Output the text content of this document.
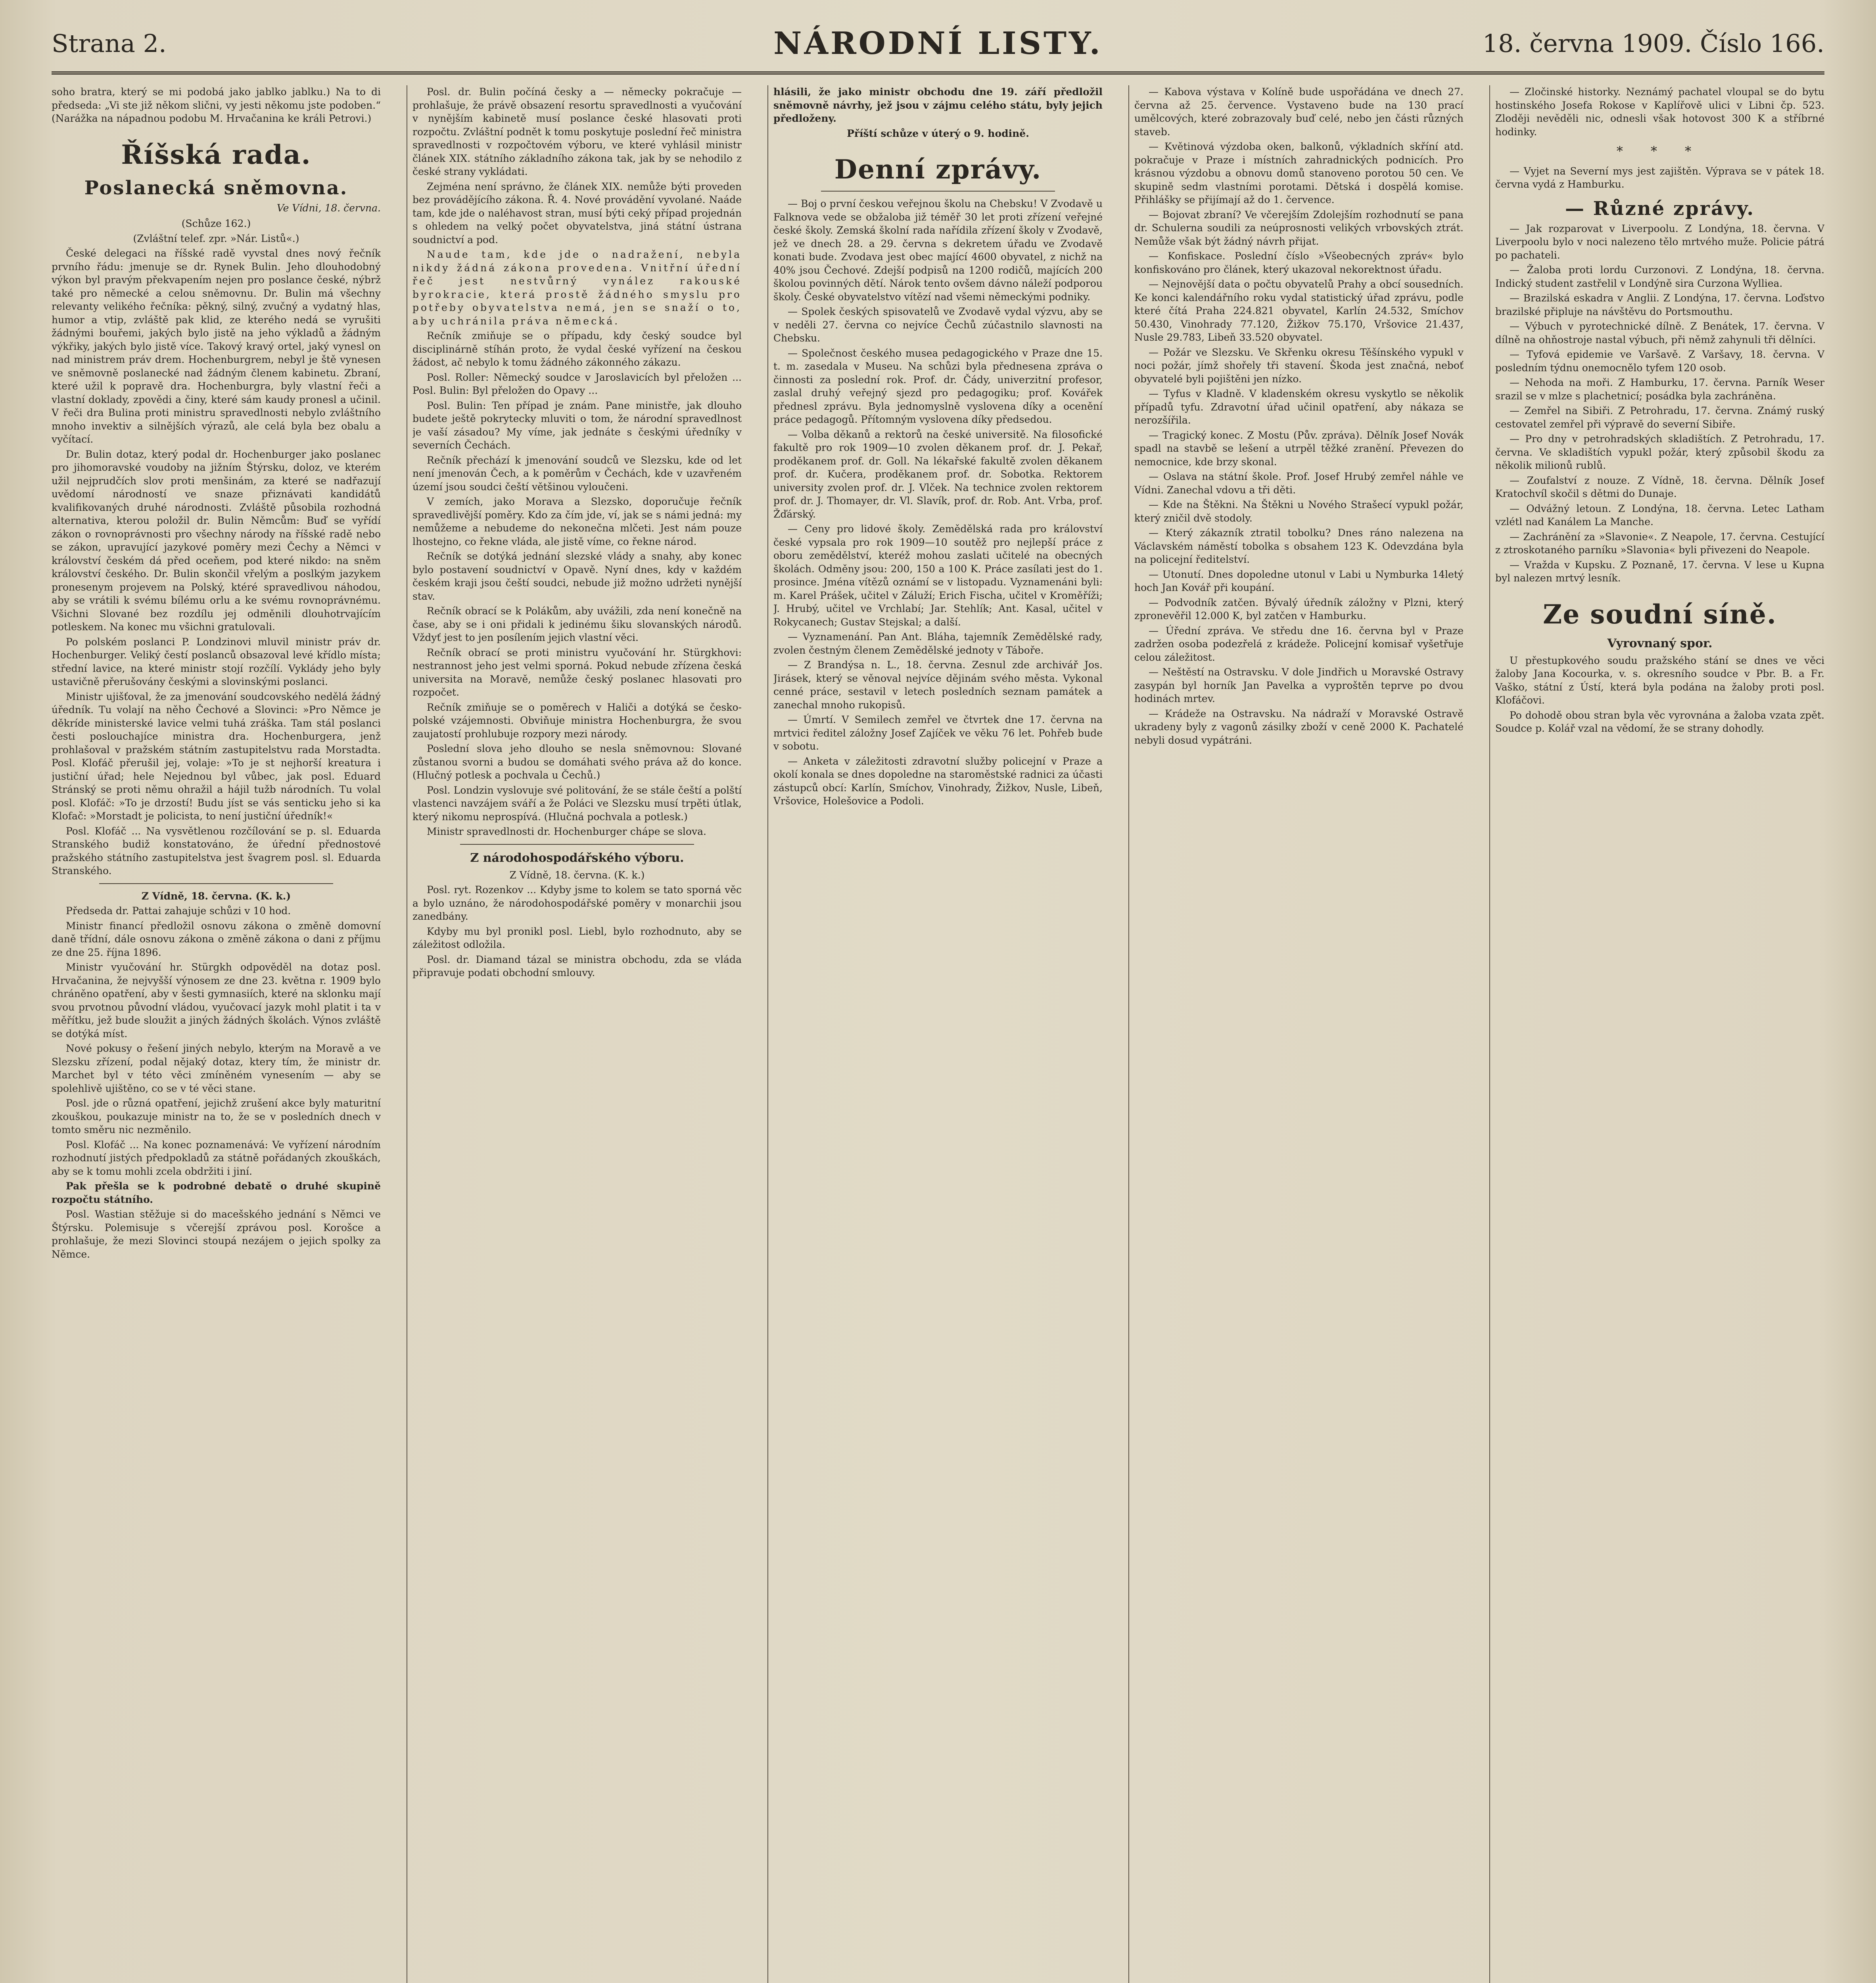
Strana 2.	NÁRODNÍ LISTY.	18. června 1909. Číslo 166.

soho bratra, který se mi podobá jako jablko jablku.) Na to di předseda: „Vi ste již někom slični, vy jesti někomu jste podoben.“ (Narážka na nápadnou podobu M. Hrvačanina ke králi Petrovi.)

Říšská rada.
Poslanecká sněmovna.
Ve Vídni, 18. června.

(Schůze 162.)

(Zvláštní telef. zpr. »Nár. Listů«.)

České delegaci na říšské radě vyvstal dnes nový řečník prvního řádu: jmenuje se dr. Rynek Bulin. Jeho dlouhodobný výkon byl pravým překvapením nejen pro poslance české, nýbrž také pro německé a celou sněmovnu. Dr. Bulin má všechny relevanty velikého řečníka: pěkný, silný, zvučný a vydatný hlas, humor a vtip, zvláště pak klid, ze kterého nedá se vyrušiti žádnými bouřemi, jakých bylo jistě na jeho výkladů a žádným výkřiky, jakých bylo jistě více. Takový kravý ortel, jaký vynesl on nad ministrem práv drem. Hochenburgrem, nebyl je ště vynesen ve sněmovně poslanecké nad žádným členem kabinetu. Zbraní, které užil k popravě dra. Hochenburgra, byly vlastní řeči a vlastní doklady, zpovědi a činy, které sám kaudy pronesl a učinil. V řeči dra Bulina proti ministru spravedlnosti nebylo zvláštního mnoho invektiv a silnějších výrazů, ale celá byla bez obalu a vyčítací.

Dr. Bulin dotaz, který podal dr. Hochenburger jako poslanec pro jihomoravské voudoby na jižním Štýrsku, doloz, ve kterém užil nejprudčích slov proti menšinám, za které se nadřazují uvědomí národností ve snaze přiznávati kandidátů kvalifikovaných druhé národnosti. Zvláště působila rozhodná alternativa, kterou položil dr. Bulin Němcům: Buď se vyřídí zákon o rovnoprávnosti pro všechny národy na říšské radě nebo se zákon, upravující jazykové poměry mezi Čechy a Němci v království českém dá před oceňem, pod které nikdo: na sněm království českého. Dr. Bulin skončil vřelým a poslkým jazykem pronesenym projevem na Polský, ktéré spravedlivou náhodou, aby se vrátili k svému bílému orlu a ke svému rovnoprávnému. Všichni Slované bez rozdílu jej odměnili dlouhotrvajícím potleskem. Na konec mu všichni gratulovali.

Po polském poslanci P. Londzinovi mluvil ministr práv dr. Hochenburger. Veliký čestí poslanců obsazoval levé křídlo místa; střední lavice, na které ministr stojí rozčílí. Vyklády jeho byly ustavičně přerušovány českými a slovinskými poslanci.

Ministr ujišťoval, že za jmenování soudcovského nedělá žádný úředník. Tu volají na něho Čechové a Slovinci: »Pro Němce je děkríde ministerské lavice velmi tuhá zráška. Tam stál poslanci česti poslouchajíce ministra dra. Hochenburgera, jenž prohlašoval v pražském státním zastupitelstvu rada Morstadta. Posl. Klofáč přerušil jej, volaje: »To je st nejhorší kreatura i justiční úřad; hele Nejednou byl vůbec, jak posl. Eduard Stránský se proti němu ohražil a hájil tužb národních. Tu volal posl. Klofáč: »To je drzostí! Budu jíst se vás senticku jeho si ka Klofač: »Morstadt je policista, to není justiční úředník!«

Posl. Klofáč ... Na vysvětlenou rozčílování se p. sl. Eduarda Stranského budiž konstatováno, že úřední přednostové pražského státního zastupitelstva jest švagrem posl. sl. Eduarda Stranského.

Z Vídně, 18. června. (K. k.)

Předseda dr. Pattai zahajuje schůzi v 10 hod.

Ministr financí předložil osnovu zákona o změně domovní daně třídní, dále osnovu zákona o změně zákona o dani z příjmu ze dne 25. října 1896.

Ministr vyučování hr. Stürgkh odpověděl na dotaz posl. Hrvačanina, že nejvyšší výnosem ze dne 23. května r. 1909 bylo chráněno opatření, aby v šesti gymnasiích, které na sklonku mají svou prvotnou původní vládou, vyučovací jazyk mohl platit i ta v měřítku, jež bude sloužit a jiných žádných školách. Výnos zvláště se dotýká míst.

Nové pokusy o řešení jiných nebylo, kterým na Moravě a ve Slezsku zřízení, podal nějaký dotaz, ktery tím, že ministr dr. Marchet byl v této věci zmíněném vynesením — aby se spolehlivě ujištěno, co se v té věci stane.

Posl. jde o různá opatření, jejichž zrušení akce byly maturitní zkouškou, poukazuje ministr na to, že se v posledních dnech v tomto směru nic nezměnilo.

Posl. Klofáč ... Na konec poznamenává: Ve vyřízení národním rozhodnutí jistých předpokladů za státně pořádaných zkouškách, aby se k tomu mohli zcela obdržiti i jiní.

Pak přešla se k podrobné debatě o druhé skupině rozpočtu státního.

Posl. Wastian stěžuje si do macešského jednání s Němci ve Štýrsku. Polemisuje s včerejší zprávou posl. Korošce a prohlašuje, že mezi Slovinci stoupá nezájem o jejich spolky za Němce.

Posl. dr. Bulin počíná česky a — německy pokračuje — prohlašuje, že právě obsazení resortu spravedlnosti a vyučování v nynějším kabinetě musí poslance české hlasovati proti rozpočtu. Zvláštní podnět k tomu poskytuje poslední řeč ministra spravedlnosti v rozpočtovém výboru, ve které vyhlásil ministr článek XIX. státního základního zákona tak, jak by se nehodilo z české strany vykládati.

Zejména není správno, že článek XIX. nemůže býti proveden bez provádějícího zákona. Ř. 4. Nové provádění vyvolané. Naáde tam, kde jde o naléhavost stran, musí býti ceký případ projednán s ohledem na velký počet obyvatelstva, jiná státní ústrana soudnictví a pod.

Naude tam, kde jde o nadražení, nebyla nikdy žádná zákona provedena. Vnitřní úřední řeč jest nestvůrný vynález rakouské byrokracie, která prostě žádného smyslu pro potřeby obyvatelstva nemá, jen se snaží o to, aby uchránila práva německá.

Rečník zmiňuje se o případu, kdy český soudce byl disciplinárně stíhán proto, že vydal české vyřízení na českou žádost, ač nebylo k tomu žádného zákonného zákazu.

Posl. Roller: Německý soudce v Jaroslavicích byl přeložen ... Posl. Bulin: Byl přeložen do Opavy ...

Posl. Bulin: Ten případ je znám. Pane ministře, jak dlouho budete ještě pokrytecky mluviti o tom, že národní spravedlnost je vaší zásadou? My víme, jak jednáte s českými úředníky v severních Čechách.

Rečník přechází k jmenování soudců ve Slezsku, kde od let není jmenován Čech, a k poměrům v Čechách, kde v uzavřeném území jsou soudci čeští většinou vyloučeni.

V zemích, jako Morava a Slezsko, doporučuje řečník spravedlivější poměry. Kdo za čím jde, ví, jak se s námi jedná: my nemůžeme a nebudeme do nekonečna mlčeti. Jest nám pouze lhostejno, co řekne vláda, ale jistě víme, co řekne národ.

Rečník se dotýká jednání slezské vlády a snahy, aby konec bylo postavení soudnictví v Opavě. Nyní dnes, kdy v každém českém kraji jsou čeští soudci, nebude již možno udržeti nynější stav.

Rečník obrací se k Polákům, aby uvážili, zda není konečně na čase, aby se i oni přidali k jedinému šiku slovanských národů. Vždyť jest to jen posílením jejich vlastní věci.

Rečník obrací se proti ministru vyučování hr. Stürgkhovi: nestrannost jeho jest velmi sporná. Pokud nebude zřízena česká universita na Moravě, nemůže český poslanec hlasovati pro rozpočet.

Rečník zmiňuje se o poměrech v Haliči a dotýká se česko-polské vzájemnosti. Obviňuje ministra Hochenburgra, že svou zaujatostí prohlubuje rozpory mezi národy.

Poslední slova jeho dlouho se nesla sněmovnou: Slované zůstanou svorni a budou se domáhati svého práva až do konce. (Hlučný potlesk a pochvala u Čechů.)

Posl. Londzin vyslovuje své politování, že se stále čeští a polští vlastenci navzájem sváří a že Poláci ve Slezsku musí trpěti útlak, který nikomu neprospívá. (Hlučná pochvala a potlesk.)

Ministr spravedlnosti dr. Hochenburger chápe se slova.

Z národohospodářského výboru.

Z Vídně, 18. června. (K. k.)

Posl. ryt. Rozenkov ... Kdyby jsme to kolem se tato sporná věc a bylo uznáno, že národohospodářské poměry v monarchii jsou zanedbány.

Kdyby mu byl pronikl posl. Liebl, bylo rozhodnuto, aby se záležitost odložila.

Posl. dr. Diamand tázal se ministra obchodu, zda se vláda připravuje podati obchodní smlouvy.

hlásili, že jako ministr obchodu dne 19. září předložil sněmovně návrhy, jež jsou v zájmu celého státu, byly jejich předloženy.

Příští schůze v úterý o 9. hodině.

Denní zprávy.

— Boj o první českou veřejnou školu na Chebsku! V Zvodavě u Falknova vede se obžaloba již téměř 30 let proti zřízení veřejné české školy. Zemská školní rada nařídila zřízení školy v Zvodavě, jež ve dnech 28. a 29. června s dekretem úřadu ve Zvodavě konati bude. Zvodava jest obec mající 4600 obyvatel, z nichž na 40% jsou Čechové. Zdejší podpisů na 1200 rodičů, majících 200 školou povinných dětí. Nárok tento ovšem dávno náleží podporou školy. České obyvatelstvo vítězí nad všemi německými podniky.

— Spolek českých spisovatelů ve Zvodavě vydal výzvu, aby se v neděli 27. června co nejvíce Čechů zúčastnilo slavnosti na Chebsku.

— Společnost českého musea pedagogického v Praze dne 15. t. m. zasedala v Museu. Na schůzi byla přednesena zpráva o činnosti za poslední rok. Prof. dr. Čády, univerzitní profesor, zaslal druhý veřejný sjezd pro pedagogiku; prof. Kovářek přednesl zprávu. Byla jednomyslně vyslovena díky a ocenění práce pedagogů. Přítomným vyslovena díky předsedou.

— Volba děkanů a rektorů na české universitě. Na filosofické fakultě pro rok 1909—10 zvolen děkanem prof. dr. J. Pekař, proděkanem prof. dr. Goll. Na lékařské fakultě zvolen děkanem prof. dr. Kučera, proděkanem prof. dr. Sobotka. Rektorem university zvolen prof. dr. J. Vlček. Na technice zvolen rektorem prof. dr. J. Thomayer, dr. Vl. Slavík, prof. dr. Rob. Ant. Vrba, prof. Žďárský.

— Ceny pro lidové školy. Zemědělská rada pro království české vypsala pro rok 1909—10 soutěž pro nejlepší práce z oboru zemědělství, kteréž mohou zaslati učitelé na obecných školách. Odměny jsou: 200, 150 a 100 K. Práce zasílati jest do 1. prosince. Jména vítězů oznámí se v listopadu. Vyznamenáni byli: m. Karel Prášek, učitel v Záluží; Erich Fischa, učitel v Kroměříži; J. Hrubý, učitel ve Vrchlabí; Jar. Stehlík; Ant. Kasal, učitel v Rokycanech; Gustav Stejskal; a další.

— Vyznamenání. Pan Ant. Bláha, tajemník Zemědělské rady, zvolen čestným členem Zemědělské jednoty v Táboře.

— Z Brandýsa n. L., 18. června. Zesnul zde archivář Jos. Jirásek, který se věnoval nejvíce dějinám svého města. Vykonal cenné práce, sestavil v letech posledních seznam památek a zanechal mnoho rukopisů.

— Úmrtí. V Semilech zemřel ve čtvrtek dne 17. června na mrtvici ředitel záložny Josef Zajíček ve věku 76 let. Pohřeb bude v sobotu.

— Anketa v záležitosti zdravotní služby policejní v Praze a okolí konala se dnes dopoledne na staroměstské radnici za účasti zástupců obcí: Karlín, Smíchov, Vinohrady, Žižkov, Nusle, Libeň, Vršovice, Holešovice a Podoli.

— Kabova výstava v Kolíně bude uspořádána ve dnech 27. června až 25. července. Vystaveno bude na 130 prací umělcových, které zobrazovaly buď celé, nebo jen části různých staveb.

— Květinová výzdoba oken, balkonů, výkladních skříní atd. pokračuje v Praze i místních zahradnických podnicích. Pro krásnou výzdobu a obnovu domů stanoveno porotou 50 cen. Ve skupině sedm vlastními porotami. Dětská i dospělá komise. Přihlášky se přijímají až do 1. července.

— Bojovat zbraní? Ve včerejším Zdolejším rozhodnutí se pana dr. Schulerna soudili za neúprosnosti velikých vrbovských ztrát. Nemůže však být žádný návrh přijat.

— Konfiskace. Poslední číslo »Všeobecných zpráv« bylo konfiskováno pro článek, který ukazoval nekorektnost úřadu.

— Nejnovější data o počtu obyvatelů Prahy a obcí sousedních. Ke konci kalendářního roku vydal statistický úřad zprávu, podle které čítá Praha 224.821 obyvatel, Karlín 24.532, Smíchov 50.430, Vinohrady 77.120, Žižkov 75.170, Vršovice 21.437, Nusle 29.783, Libeň 33.520 obyvatel.

— Požár ve Slezsku. Ve Skřenku okresu Těšínského vypukl v noci požár, jímž shořely tři stavení. Škoda jest značná, neboť obyvatelé byli pojištěni jen nízko.

— Tyfus v Kladně. V kladenském okresu vyskytlo se několik případů tyfu. Zdravotní úřad učinil opatření, aby nákaza se nerozšířila.

— Tragický konec. Z Mostu (Pův. zpráva). Dělník Josef Novák spadl na stavbě se lešení a utrpěl těžké zranění. Převezen do nemocnice, kde brzy skonal.

— Oslava na státní škole. Prof. Josef Hrubý zemřel náhle ve Vídni. Zanechal vdovu a tři děti.

— Kde na Štěkni. Na Štěkni u Nového Strašecí vypukl požár, který zničil dvě stodoly.

— Který zákazník ztratil tobolku? Dnes ráno nalezena na Václavském náměstí tobolka s obsahem 123 K. Odevzdána byla na policejní ředitelství.

— Utonutí. Dnes dopoledne utonul v Labi u Nymburka 14letý hoch Jan Kovář při koupání.

— Podvodník zatčen. Bývalý úředník záložny v Plzni, který zpronevěřil 12.000 K, byl zatčen v Hamburku.

— Úřední zpráva. Ve středu dne 16. června byl v Praze zadržen osoba podezřelá z krádeže. Policejní komisař vyšetřuje celou záležitost.

— Neštěstí na Ostravsku. V dole Jindřich u Moravské Ostravy zasypán byl horník Jan Pavelka a vyproštěn teprve po dvou hodinách mrtev.

— Krádeže na Ostravsku. Na nádraží v Moravské Ostravě ukradeny byly z vagonů zásilky zboží v ceně 2000 K. Pachatelé nebyli dosud vypátráni.

— Zločinské historky. Neznámý pachatel vloupal se do bytu hostinského Josefa Rokose v Kaplířově ulici v Libni čp. 523. Zloději nevěděli nic, odnesli však hotovost 300 K a stříbrné hodinky.

* * *

— Vyjet na Severní mys jest zajištěn. Výprava se v pátek 18. června vydá z Hamburku.

— Různé zprávy.

— Jak rozparovat v Liverpoolu. Z Londýna, 18. června. V Liverpoolu bylo v noci nalezeno tělo mrtvého muže. Policie pátrá po pachateli.

— Žaloba proti lordu Curzonovi. Z Londýna, 18. června. Indický student zastřelil v Londýně sira Curzona Wylliea.

— Brazilská eskadra v Anglii. Z Londýna, 17. června. Loďstvo brazilské připluje na návštěvu do Portsmouthu.

— Výbuch v pyrotechnické dílně. Z Benátek, 17. června. V dílně na ohňostroje nastal výbuch, při němž zahynuli tři dělníci.

— Tyfová epidemie ve Varšavě. Z Varšavy, 18. června. V posledním týdnu onemocnělo tyfem 120 osob.

— Nehoda na moři. Z Hamburku, 17. června. Parník Weser srazil se v mlze s plachetnicí; posádka byla zachráněna.

— Zemřel na Sibiři. Z Petrohradu, 17. června. Známý ruský cestovatel zemřel při výpravě do severní Sibiře.

— Pro dny v petrohradských skladištích. Z Petrohradu, 17. června. Ve skladištích vypukl požár, který způsobil škodu za několik milionů rublů.

— Zoufalství z nouze. Z Vídně, 18. června. Dělník Josef Kratochvíl skočil s dětmi do Dunaje.

— Odvážný letoun. Z Londýna, 18. června. Letec Latham vzlétl nad Kanálem La Manche.

— Zachránění za »Slavonie«. Z Neapole, 17. června. Cestující z ztroskotaného parníku »Slavonia« byli přivezeni do Neapole.

— Vražda v Kupsku. Z Poznaně, 17. června. V lese u Kupna byl nalezen mrtvý lesník.

Ze soudní síně.
Vyrovnaný spor.

U přestupkového soudu pražského stání se dnes ve věci žaloby Jana Kocourka, v. s. okresního soudce v Pbr. B. a Fr. Vaško, státní z Ústí, která byla podána na žaloby proti posl. Klofáčovi.

Po dohodě obou stran byla věc vyrovnána a žaloba vzata zpět. Soudce p. Kolář vzal na vědomí, že se strany dohodly.
